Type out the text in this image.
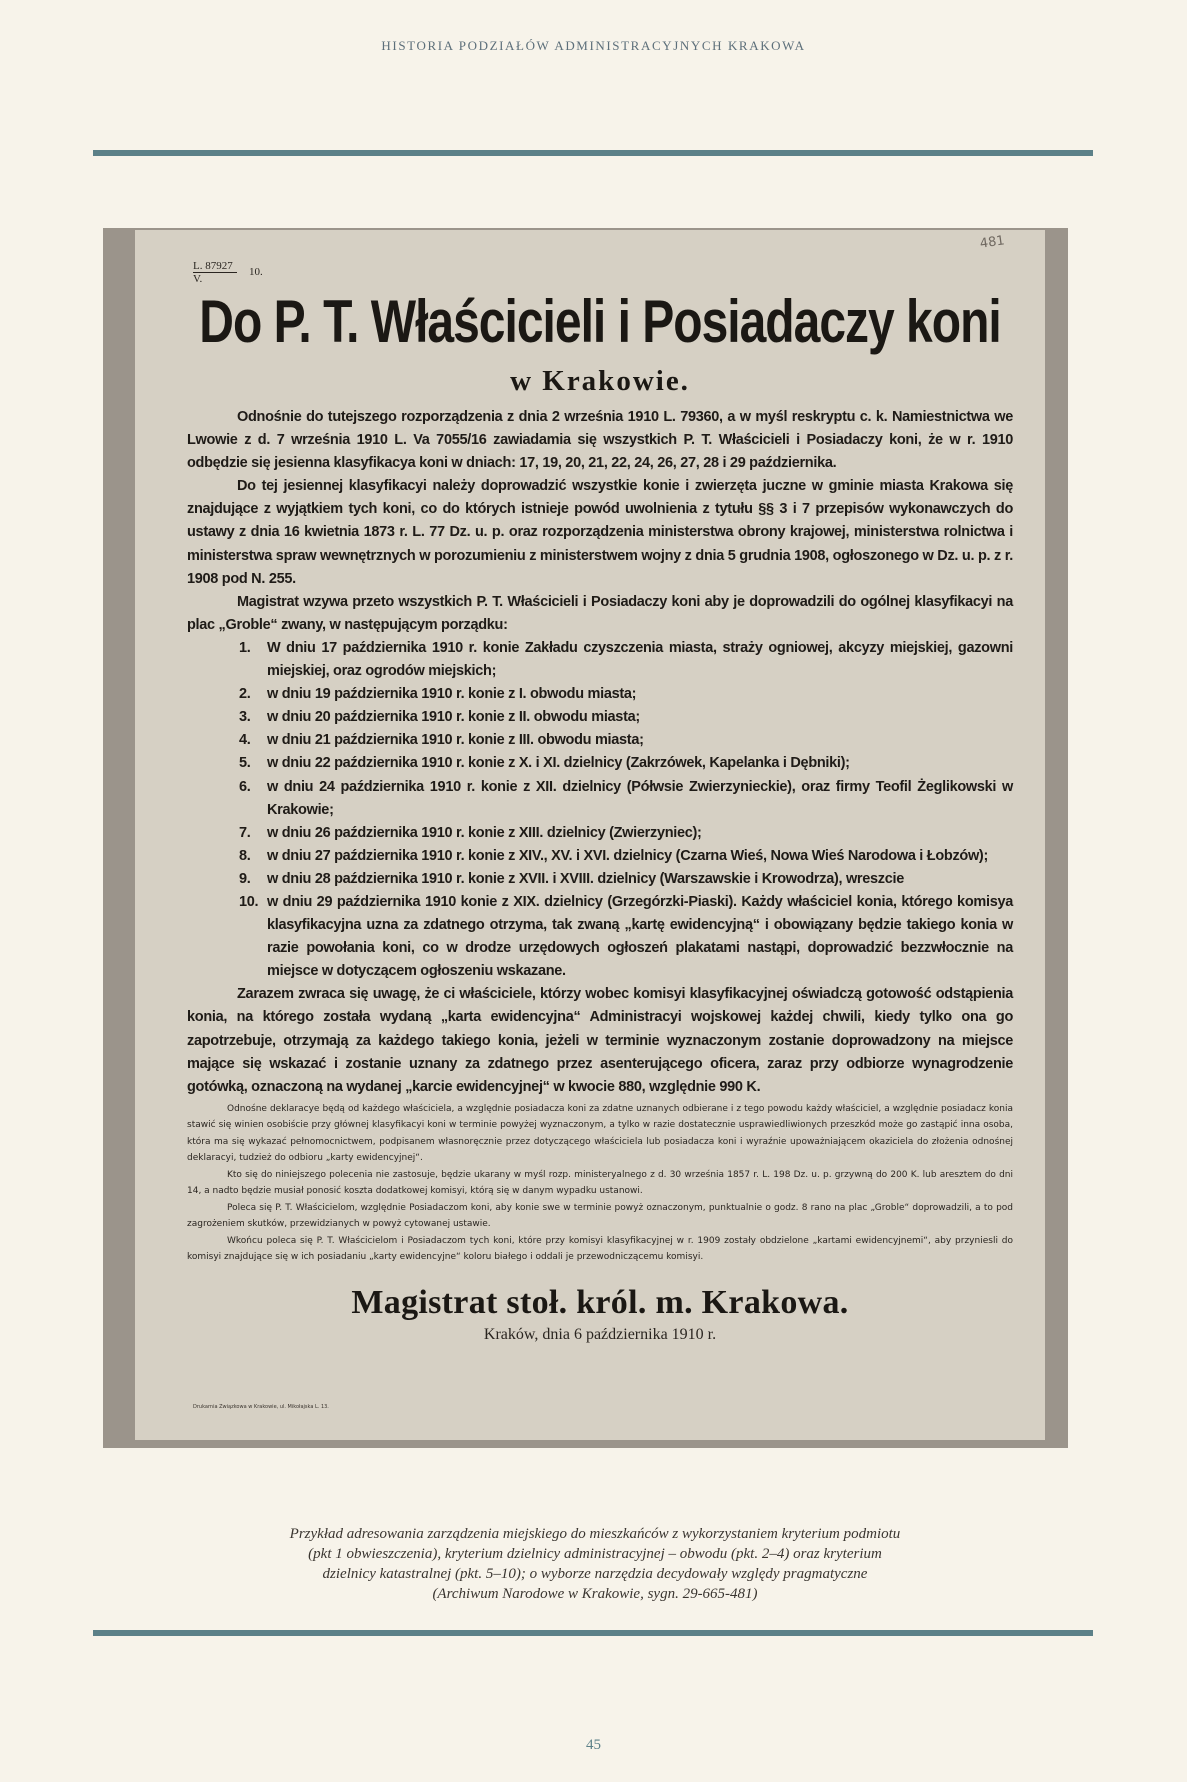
HISTORIA PODZIAŁÓW ADMINISTRACYJNYCH KRAKOWA
L. 87927
V.
10.
481
Do P. T. Właścicieli i Posiadaczy koni
w Krakowie.

Odnośnie do tutejszego rozporządzenia z dnia 2 września 1910 L. 79360, a w myśl reskryptu c. k. Namiestnictwa we Lwowie z d. 7 września 1910 L. Va 7055/16 zawiadamia się wszystkich P. T. Właścicieli i Posiadaczy koni, że w r. 1910 odbędzie się jesienna klasyfikacya koni w dniach: 17, 19, 20, 21, 22, 24, 26, 27, 28 i 29 października.

Do tej jesiennej klasyfikacyi należy doprowadzić wszystkie konie i zwierzęta juczne w gminie miasta Krakowa się znajdujące z wyjątkiem tych koni, co do których istnieje powód uwolnienia z tytułu §§ 3 i 7 przepisów wykonawczych do ustawy z dnia 16 kwietnia 1873 r. L. 77 Dz. u. p. oraz rozporządzenia ministerstwa obrony krajowej, ministerstwa rolnictwa i ministerstwa spraw wewnętrznych w porozumieniu z ministerstwem wojny z dnia 5 grudnia 1908, ogłoszonego w Dz. u. p. z r. 1908 pod N. 255.

Magistrat wzywa przeto wszystkich P. T. Właścicieli i Posiadaczy koni aby je doprowadzili do ogólnej klasyfikacyi na plac „Groble“ zwany, w następującym porządku:

1. W dniu 17 października 1910 r. konie Zakładu czyszczenia miasta, straży ogniowej, akcyzy miejskiej, gazowni miejskiej, oraz ogrodów miejskich;
2. w dniu 19 października 1910 r. konie z I. obwodu miasta;
3. w dniu 20 października 1910 r. konie z II. obwodu miasta;
4. w dniu 21 października 1910 r. konie z III. obwodu miasta;
5. w dniu 22 października 1910 r. konie z X. i XI. dzielnicy (Zakrzówek, Kapelanka i Dębniki);
6. w dniu 24 października 1910 r. konie z XII. dzielnicy (Półwsie Zwierzynieckie), oraz firmy Teofil Żeglikowski w Krakowie;
7. w dniu 26 października 1910 r. konie z XIII. dzielnicy (Zwierzyniec);
8. w dniu 27 października 1910 r. konie z XIV., XV. i XVI. dzielnicy (Czarna Wieś, Nowa Wieś Narodowa i Łobzów);
9. w dniu 28 października 1910 r. konie z XVII. i XVIII. dzielnicy (Warszawskie i Krowodrza), wreszcie
10. w dniu 29 października 1910 konie z XIX. dzielnicy (Grzegórzki-Piaski). Każdy właściciel konia, którego komisya klasyfikacyjna uzna za zdatnego otrzyma, tak zwaną „kartę ewidencyjną“ i obowiązany będzie takiego konia w razie powołania koni, co w drodze urzędowych ogłoszeń plakatami nastąpi, doprowadzić bezzwłocznie na miejsce w dotyczącem ogłoszeniu wskazane.

Zarazem zwraca się uwagę, że ci właściciele, którzy wobec komisyi klasyfikacyjnej oświadczą gotowość odstąpienia konia, na którego została wydaną „karta ewidencyjna“ Administracyi wojskowej każdej chwili, kiedy tylko ona go zapotrzebuje, otrzymają za każdego takiego konia, jeżeli w terminie wyznaczonym zostanie doprowadzony na miejsce mające się wskazać i zostanie uznany za zdatnego przez asenterującego oficera, zaraz przy odbiorze wynagrodzenie gotówką, oznaczoną na wydanej „karcie ewidencyjnej“ w kwocie 880, względnie 990 K.

Odnośne deklaracye będą od każdego właściciela, a względnie posiadacza koni za zdatne uznanych odbierane i z tego powodu każdy właściciel, a względnie posiadacz konia stawić się winien osobiście przy głównej klasyfikacyi koni w terminie powyżej wyznaczonym, a tylko w razie dostatecznie usprawiedliwionych przeszkód może go zastąpić inna osoba, która ma się wykazać pełnomocnictwem, podpisanem własnoręcznie przez dotyczącego właściciela lub posiadacza koni i wyraźnie upoważniającem okaziciela do złożenia odnośnej deklaracyi, tudzież do odbioru „karty ewidencyjnej“.

Kto się do niniejszego polecenia nie zastosuje, będzie ukarany w myśl rozp. ministeryalnego z d. 30 września 1857 r. L. 198 Dz. u. p. grzywną do 200 K. lub aresztem do dni 14, a nadto będzie musiał ponosić koszta dodatkowej komisyi, którą się w danym wypadku ustanowi.

Poleca się P. T. Właścicielom, względnie Posiadaczom koni, aby konie swe w terminie powyż oznaczonym, punktualnie o godz. 8 rano na plac „Groble“ doprowadzili, a to pod zagrożeniem skutków, przewidzianych w powyż cytowanej ustawie.

Wkońcu poleca się P. T. Właścicielom i Posiadaczom tych koni, które przy komisyi klasyfikacyjnej w r. 1909 zostały obdzielone „kartami ewidencyjnemi“, aby przyniesli do komisyi znajdujące się w ich posiadaniu „karty ewidencyjne“ koloru białego i oddali je przewodniczącemu komisyi.

Magistrat stoł. król. m. Krakowa.
Kraków, dnia 6 października 1910 r.
Drukarnia Związkowa w Krakowie, ul. Mikołajska L. 13.
Przykład adresowania zarządzenia miejskiego do mieszkańców z wykorzystaniem kryterium podmiotu
(pkt 1 obwieszczenia), kryterium dzielnicy administracyjnej – obwodu (pkt. 2–4) oraz kryterium
dzielnicy katastralnej (pkt. 5–10); o wyborze narzędzia decydowały względy pragmatyczne
(Archiwum Narodowe w Krakowie, sygn. 29-665-481)
45
